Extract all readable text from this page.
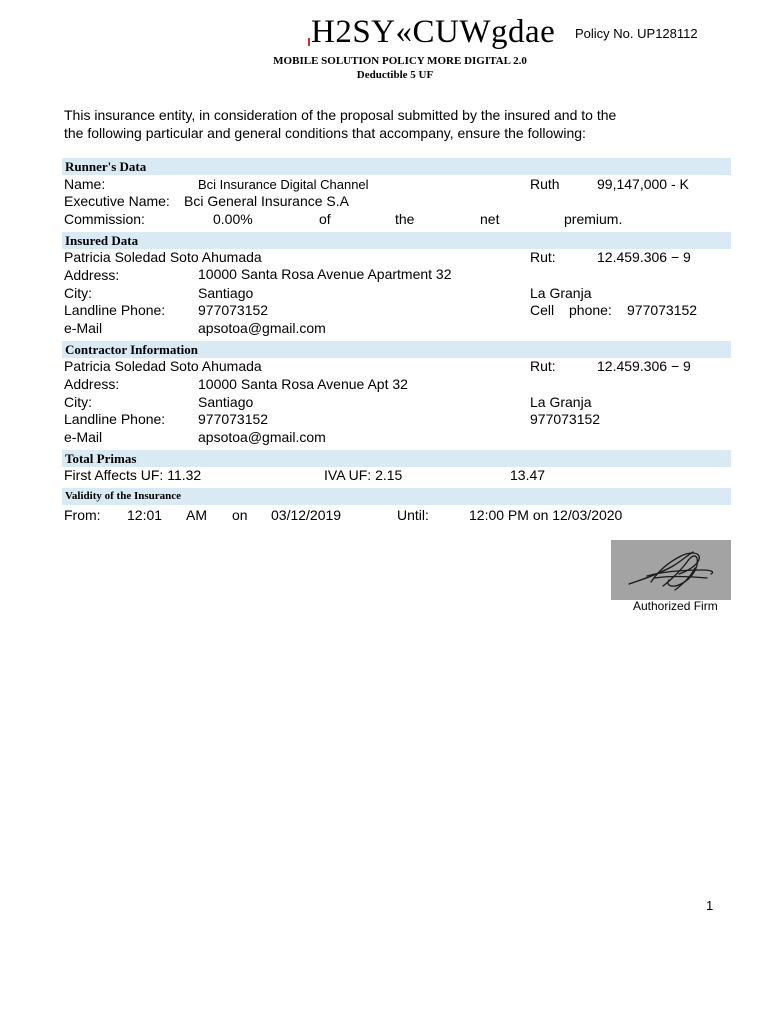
H2SY«CUWgdae Policy No. UP128112
MOBILE SOLUTION POLICY MORE DIGITAL 2.0
Deductible 5 UF
This insurance entity, in consideration of the proposal submitted by the insured and to the
the following particular and general conditions that accompany, ensure the following:
Runner's Data
Name:	Bci Insurance Digital Channel	Ruth	99,147,000 - K
Executive Name: Bci General Insurance S.A
Commission:	0.00%	of	the	net	premium.
Insured Data
Patricia Soledad Soto Ahumada	Rut:	12.459.306 − 9
Address:	10000 Santa Rosa Avenue Apartment 32
City:	Santiago	La Granja
Landline Phone: 977073152	Cell phone: 977073152
e-Mail	apsotoa@gmail.com
Contractor Information
Patricia Soledad Soto Ahumada	Rut:	12.459.306 − 9
Address:	10000 Santa Rosa Avenue Apt 32
City:	Santiago	La Granja
Landline Phone: 977073152	977073152
e-Mail	apsotoa@gmail.com
Total Primas
First Affects UF: 11.32	IVA UF: 2.15	13.47
Validity of the Insurance
From: 12:01 AM on 03/12/2019	Until:	12:00 PM on 12/03/2020
Authorized Firm
1
